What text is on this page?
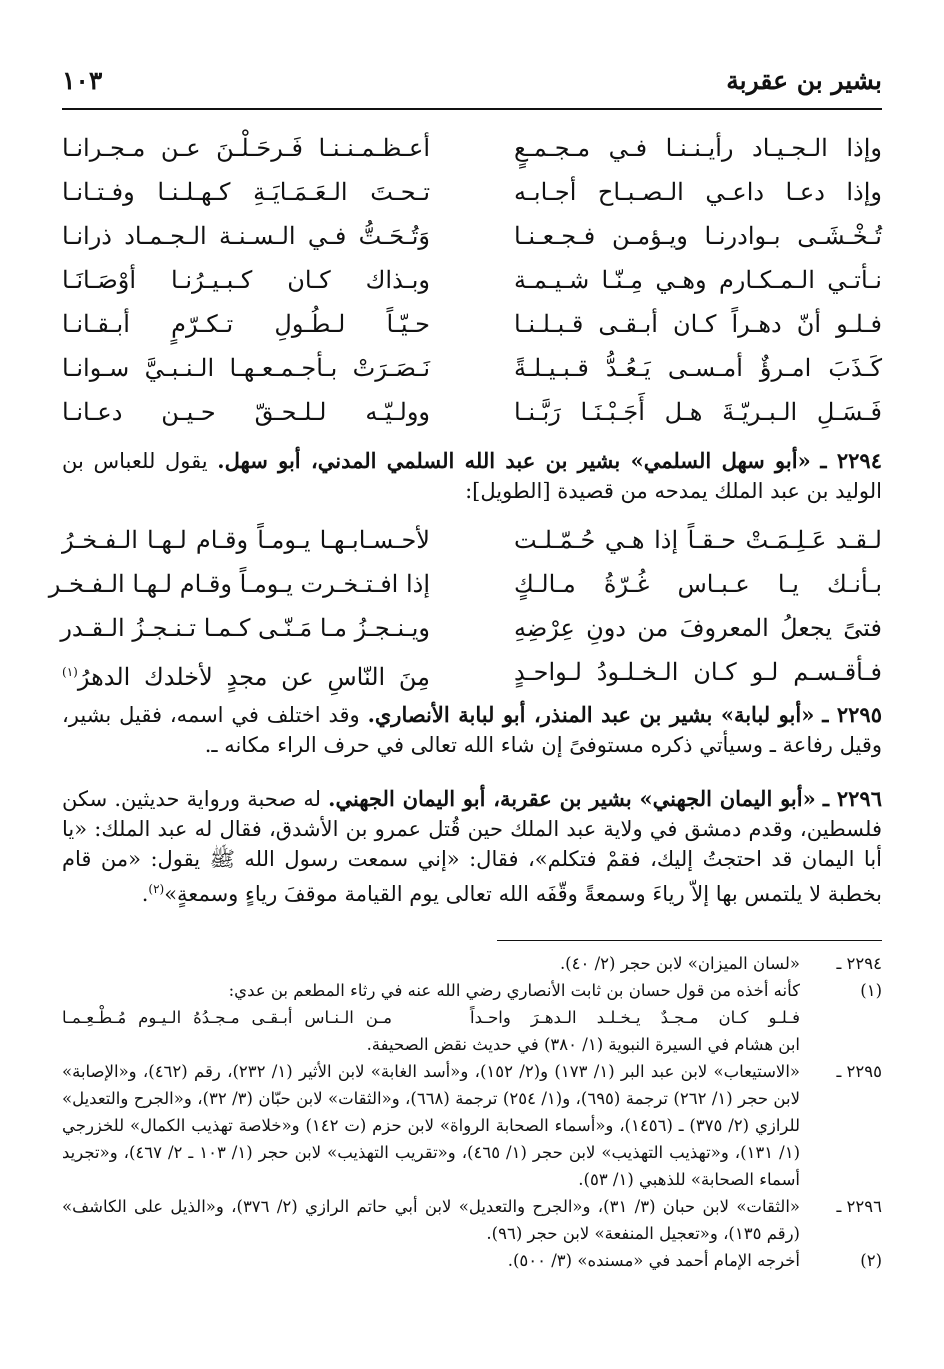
بشير بن عقربة
١٠٣
وإذا الـجـيـاد رأيـنـنـا فـي مـجـمـعٍ
أعـظـمـنـنـا فَـرحَـلْـنَ عـن مـجـرانـا
وإذا دعـا داعـي الـصـبـاح أجـابـه
تـحـتَ الـعَـمَـايَـةِ كـهـلـنـا وفـتـانـا
تُـخْـشَـى بـوادرنـا ويـؤمـن فـجـعـنـا
وَتُـحَـتُّ فـي الـسـنـة الـجـمـاد ذرانـا
نـأتـي الـمـكـارم وهـي مِـنّـا شـيـمـة
وبـذاك كـان كـبـيـرُنـا أوْصَـانَـا
فـلـو أنّ دهـراً كـان أبـقـى قـبـلـنـا
حـيّـاً لـطُـولِ تـكـرّمٍ أبـقـانـا
كَـذَبَ امـرؤٌ أمـسـى يَـعُـدُّ قـبـيـلـةً
نَـصَـرَتْ بـأجـمـعـهـا الـنـبـيَّ سـوانـا
فَـسَـلِ الـبـريّـةَ هـل أَجَـبْـنَـا رَبَّـنـا
وولـيّـه لـلـحـقّ حـيـن دعـانـا
٢٢٩٤ ـ «أبو سهل السلمي» بشير بن عبد الله السلمي المدني، أبو سهل. يقول للعباس بن الوليد بن عبد الملك يمدحه من قصيدة [الطويل]:
لـقـد عَـلِـمَـتْ حـقـاً إذا هـي حُـمّـلـت
لأحـسـابـهـا يـومـاً وقـام لـهـا الـفـخـرُ
بـأنـك يـا عـبـاس غُـرّةُ مـالـكٍ
إذا افـتـخـرت يـومـاً وقـام لـهـا الـفـخـر
فتىً يجعلُ المعروفَ من دونِ عِرْضِهِ
ويـنـجـزُ مـا مَـنّـى كـمـا تـنـجـزُ الـقـدر
فـأقـسـم لـو كـان الـخـلـودُ لـواحـدٍ
مِنَ النّاسِ عن مجدٍ لأخلدك الدهرُ$^{(١)}$
٢٢٩٥ ـ «أبو لبابة» بشير بن عبد المنذر، أبو لبابة الأنصاري. وقد اختلف في اسمه، فقيل بشير، وقيل رفاعة ـ وسيأتي ذكره مستوفىً إن شاء الله تعالى في حرف الراء مكانه ـ.
٢٢٩٦ ـ «أبو اليمان الجهني» بشير بن عقربة، أبو اليمان الجهني. له صحبة ورواية حديثين. سكن فلسطين، وقدم دمشق في ولاية عبد الملك حين قُتل عمرو بن الأشدق، فقال له عبد الملك: «يا أبا اليمان قد احتجتُ إليك، فقمْ فتكلم»، فقال: «إني سمعت رسول الله ﷺ يقول: «من قام بخطبة لا يلتمس بها إلاّ رياءَ وسمعةً وقّفَه الله تعالى يوم القيامة موقفَ رياءٍ وسمعةٍ»$^{(٢)}$.
٢٢٩٤ ـ
«لسان الميزان» لابن حجر (٢/ ٤٠).
(١)
كأنه أخذه من قول حسان بن ثابت الأنصاري رضي الله عنه في رثاء المطعم بن عدي:
فـلـو كـان مـجـدٌ يـخـلـد الـدهـرَ واحـداً
مـن الـنـاس أبـقـى مـجـدُهُ الـيـوم مُـطْـعِـمـا
ابن هشام في السيرة النبوية (١/ ٣٨٠) في حديث نقض الصحيفة.
٢٢٩٥ ـ
«الاستيعاب» لابن عبد البر (١/ ١٧٣) و(٢/ ١٥٢)، و«أسد الغابة» لابن الأثير (١/ ٢٣٢)، رقم (٤٦٢)، و«الإصابة» لابن حجر (١/ ٢٦٢) ترجمة (٦٩٥)، و(١/ ٢٥٤) ترجمة (٦٦٨)، و«الثقات» لابن حبّان (٣/ ٣٢)، و«الجرح والتعديل» للرازي (٢/ ٣٧٥) ـ (١٤٥٦)، و«أسماء الصحابة الرواة» لابن حزم (ت ١٤٢) و«خلاصة تهذيب الكمال» للخزرجي (١/ ١٣١)، و«تهذيب التهذيب» لابن حجر (١/ ٤٦٥)، و«تقريب التهذيب» لابن حجر (١/ ١٠٣ ـ ٢/ ٤٦٧)، و«تجريد أسماء الصحابة» للذهبي (١/ ٥٣).
٢٢٩٦ ـ
«الثقات» لابن حبان (٣/ ٣١)، و«الجرح والتعديل» لابن أبي حاتم الرازي (٢/ ٣٧٦)، و«الذيل على الكاشف» (رقم ١٣٥)، و«تعجيل المنفعة» لابن حجر (٩٦).
(٢)
أخرجه الإمام أحمد في «مسنده» (٣/ ٥٠٠).
